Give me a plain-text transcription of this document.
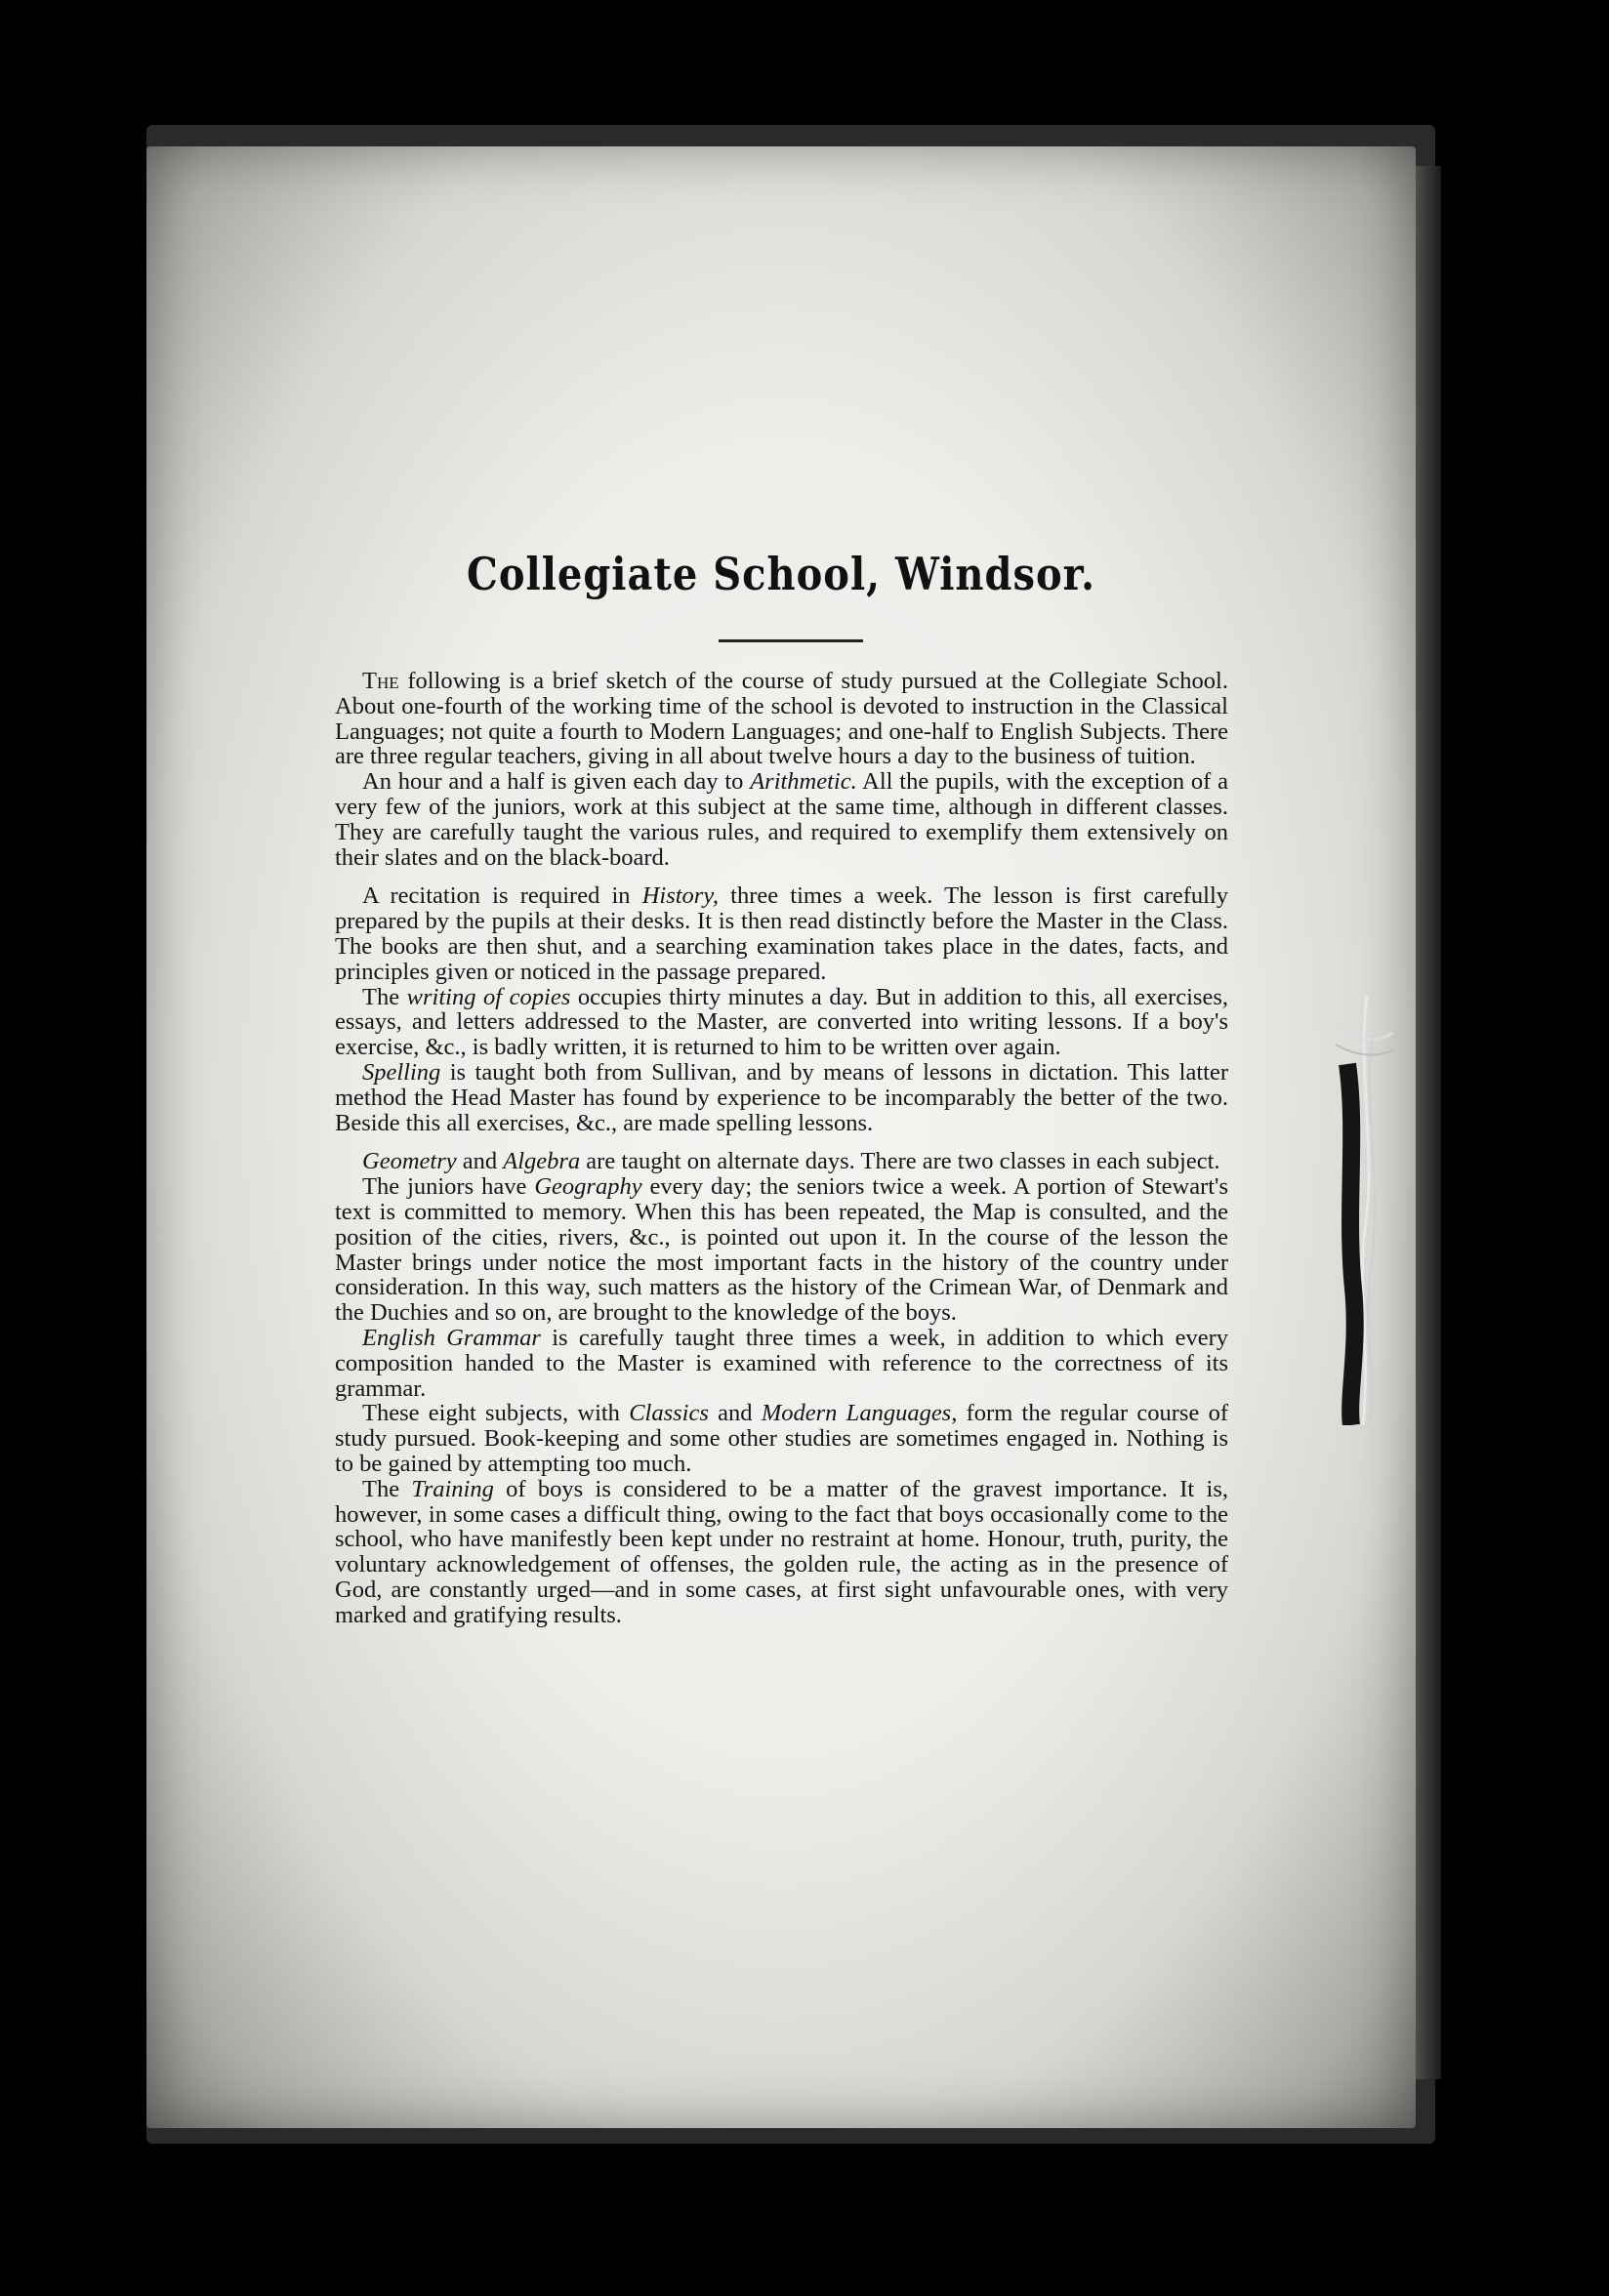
Collegiate School, Windsor.

The following is a brief sketch of the course of study pursued at the Collegiate School. About one-fourth of the working time of the school is devoted to instruction in the Classical Languages; not quite a fourth to Modern Languages; and one-half to English Subjects. There are three regular teachers, giving in all about twelve hours a day to the business of tuition.

An hour and a half is given each day to Arithmetic. All the pupils, with the exception of a very few of the juniors, work at this subject at the same time, although in different classes. They are carefully taught the various rules, and required to exemplify them extensively on their slates and on the black-board.

A recitation is required in History, three times a week. The lesson is first carefully prepared by the pupils at their desks. It is then read distinctly before the Master in the Class. The books are then shut, and a searching examination takes place in the dates, facts, and principles given or noticed in the passage prepared.

The writing of copies occupies thirty minutes a day. But in addition to this, all exercises, essays, and letters addressed to the Master, are converted into writing lessons. If a boy's exercise, &c., is badly written, it is returned to him to be written over again.

Spelling is taught both from Sullivan, and by means of lessons in dictation. This latter method the Head Master has found by experience to be incomparably the better of the two. Beside this all exercises, &c., are made spelling lessons.

Geometry and Algebra are taught on alternate days. There are two classes in each subject.

The juniors have Geography every day; the seniors twice a week. A portion of Stewart's text is committed to memory. When this has been repeated, the Map is consulted, and the position of the cities, rivers, &c., is pointed out upon it. In the course of the lesson the Master brings under notice the most important facts in the history of the country under consideration. In this way, such matters as the history of the Crimean War, of Denmark and the Duchies and so on, are brought to the knowledge of the boys.

English Grammar is carefully taught three times a week, in addition to which every composition handed to the Master is examined with reference to the correctness of its grammar.

These eight subjects, with Classics and Modern Languages, form the regular course of study pursued. Book-keeping and some other studies are sometimes engaged in. Nothing is to be gained by attempting too much.

The Training of boys is considered to be a matter of the gravest importance. It is, however, in some cases a difficult thing, owing to the fact that boys occasionally come to the school, who have manifestly been kept under no restraint at home. Honour, truth, purity, the voluntary acknowledgement of offenses, the golden rule, the acting as in the presence of God, are constantly urged—and in some cases, at first sight unfavourable ones, with very marked and gratifying results.
